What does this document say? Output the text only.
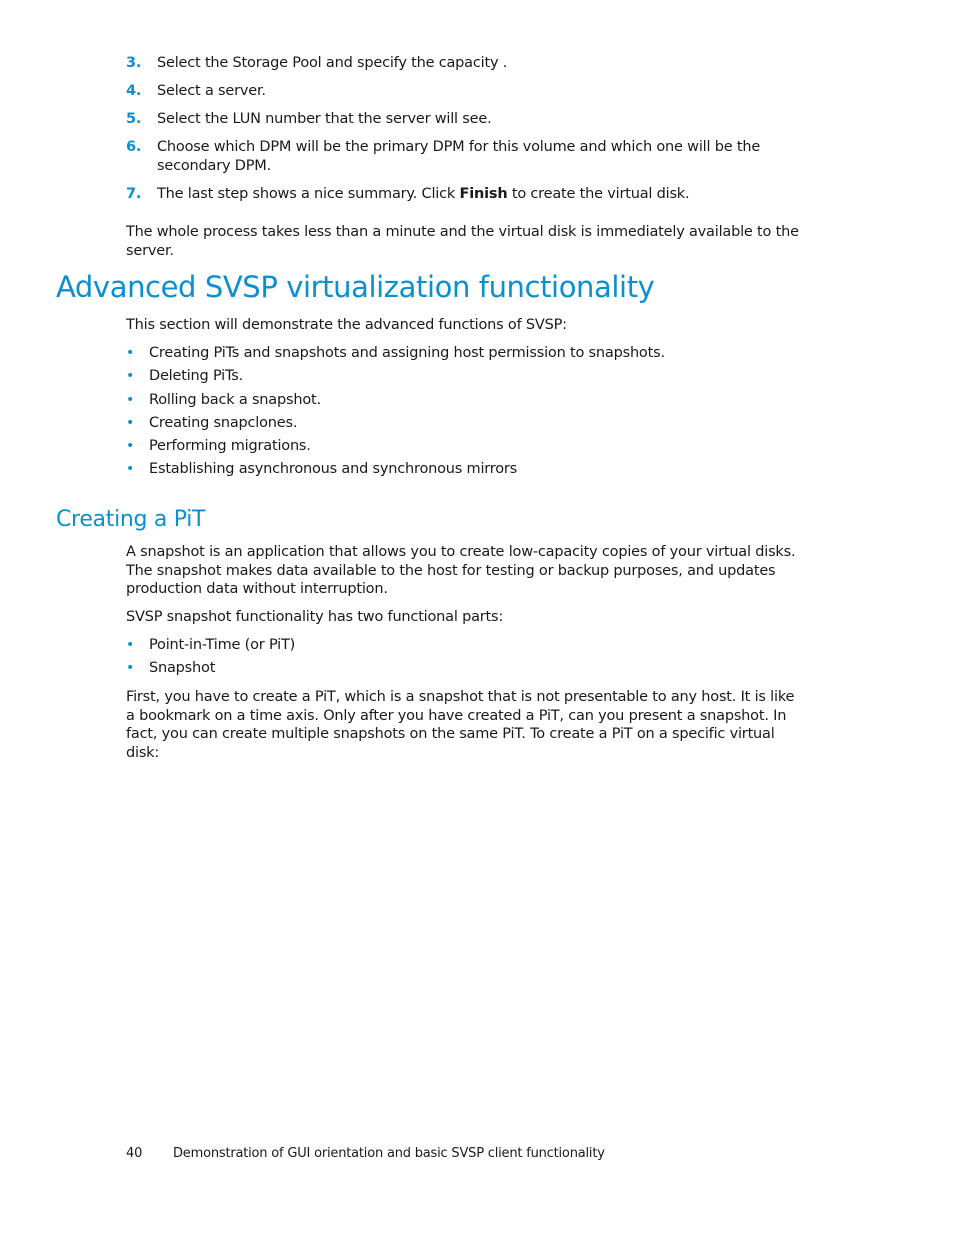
3. Select the Storage Pool and specify the capacity .
4. Select a server.
5. Select the LUN number that the server will see.
6. Choose which DPM will be the primary DPM for this volume and which one will be the secondary DPM.
7. The last step shows a nice summary. Click Finish to create the virtual disk.

The whole process takes less than a minute and the virtual disk is immediately available to the server.

Advanced SVSP virtualization functionality

This section will demonstrate the advanced functions of SVSP:

• Creating PiTs and snapshots and assigning host permission to snapshots.
• Deleting PiTs.
• Rolling back a snapshot.
• Creating snapclones.
• Performing migrations.
• Establishing asynchronous and synchronous mirrors
Creating a PiT

A snapshot is an application that allows you to create low-capacity copies of your virtual disks. The snapshot makes data available to the host for testing or backup purposes, and updates production data without interruption.

SVSP snapshot functionality has two functional parts:

• Point-in-Time (or PiT)
• Snapshot

First, you have to create a PiT, which is a snapshot that is not presentable to any host. It is like a bookmark on a time axis. Only after you have created a PiT, can you present a snapshot. In fact, you can create multiple snapshots on the same PiT. To create a PiT on a specific virtual disk:

40 Demonstration of GUI orientation and basic SVSP client functionality
